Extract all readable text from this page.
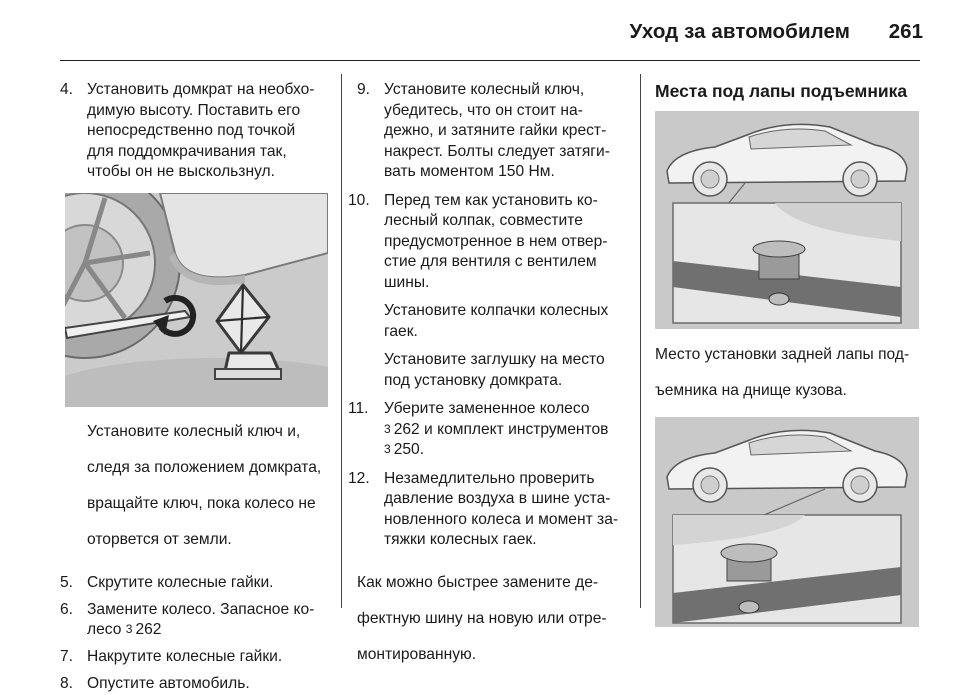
Уход за автомобилем	261
4. Установить домкрат на необхо-

димую высоту. Поставить его

непосредственно под точкой

для поддомкрачивания так,

чтобы он не выскользнул.

Установите колесный ключ и,

следя за положением домкрата,

вращайте ключ, пока колесо не

оторвется от земли.

5. Скрутите колесные гайки.

6. Замените колесо. Запасное ко-

лесо 3 262

7. Накрутите колесные гайки.

8. Опустите автомобиль.

9. Установите колесный ключ,

убедитесь, что он стоит на-

дежно, и затяните гайки крест-

накрест. Болты следует затяги-

вать моментом 150 Нм.

10. Перед тем как установить ко-

лесный колпак, совместите

предусмотренное в нем отвер-

стие для вентиля с вентилем

шины.

Установите колпачки колесных

гаек.

Установите заглушку на место

под установку домкрата.

11. Уберите замененное колесо

3 262 и комплект инструментов

3 250.

12. Незамедлительно проверить

давление воздуха в шине уста-

новленного колеса и момент за-

тяжки колесных гаек.

Как можно быстрее замените де-

фектную шину на новую или отре-

монтированную.

Места под лапы подъемника

Место установки задней лапы под-

ъемника на днище кузова.
